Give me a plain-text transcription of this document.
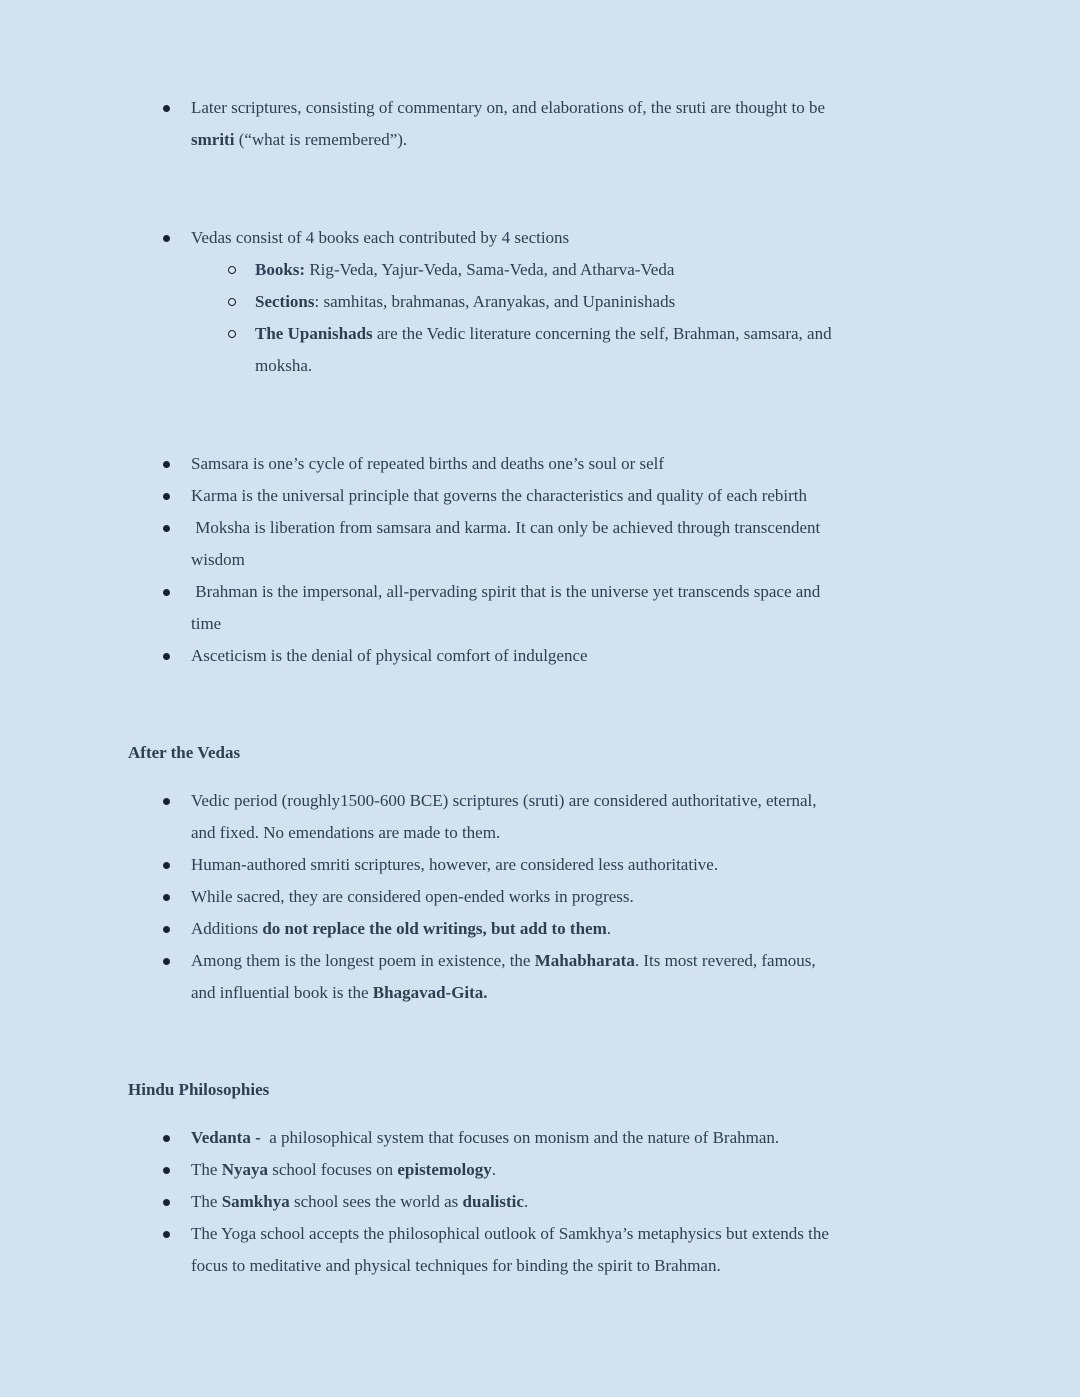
Later scriptures, consisting of commentary on, and elaborations of, the sruti are thought to be
smriti (“what is remembered”).
Vedas consist of 4 books each contributed by 4 sections
Books: Rig-Veda, Yajur-Veda, Sama-Veda, and Atharva-Veda
Sections: samhitas, brahmanas, Aranyakas, and Upaninishads
The Upanishads are the Vedic literature concerning the self, Brahman, samsara, and
moksha.
Samsara is one’s cycle of repeated births and deaths one’s soul or self
Karma is the universal principle that governs the characteristics and quality of each rebirth
Moksha is liberation from samsara and karma. It can only be achieved through transcendent
wisdom
Brahman is the impersonal, all-pervading spirit that is the universe yet transcends space and
time
Asceticism is the denial of physical comfort of indulgence
After the Vedas
Vedic period (roughly1500-600 BCE) scriptures (sruti) are considered authoritative, eternal,
and fixed. No emendations are made to them.
Human-authored smriti scriptures, however, are considered less authoritative.
While sacred, they are considered open-ended works in progress.
Additions do not replace the old writings, but add to them.
Among them is the longest poem in existence, the Mahabharata. Its most revered, famous,
and influential book is the Bhagavad-Gita.
Hindu Philosophies
Vedanta -  a philosophical system that focuses on monism and the nature of Brahman.
The Nyaya school focuses on epistemology.
The Samkhya school sees the world as dualistic.
The Yoga school accepts the philosophical outlook of Samkhya’s metaphysics but extends the
focus to meditative and physical techniques for binding the spirit to Brahman.
